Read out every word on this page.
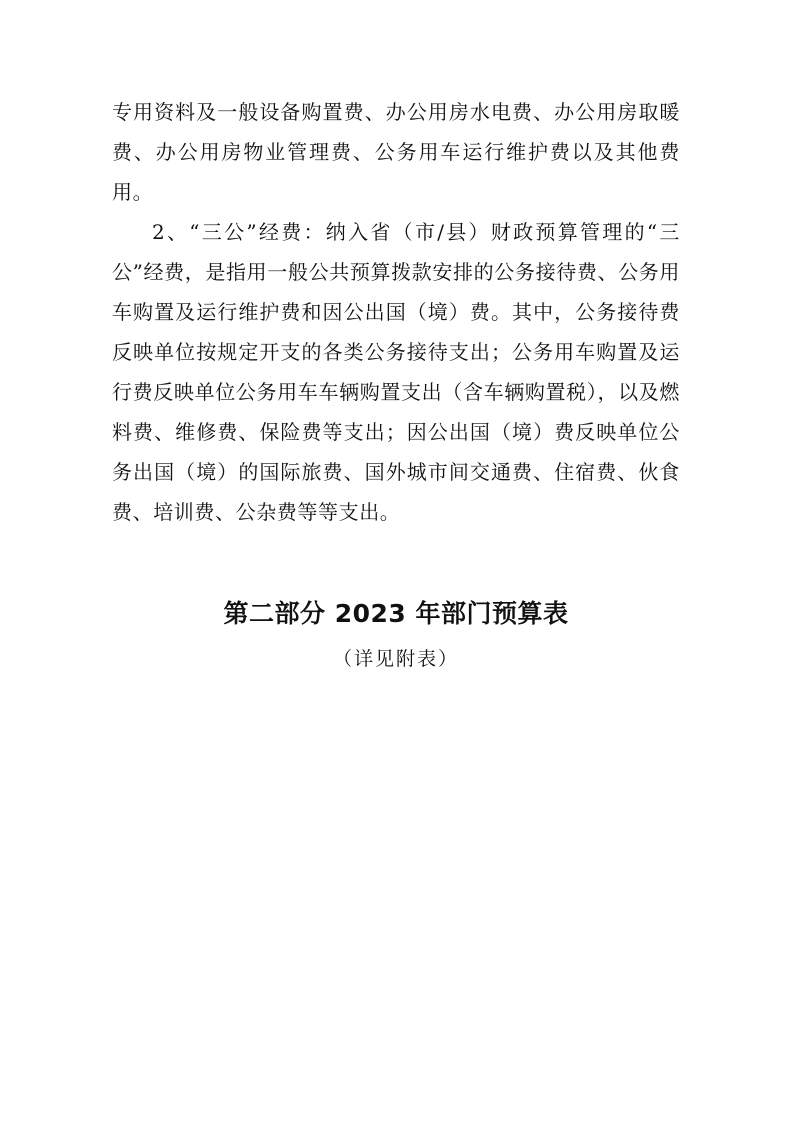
专用资料及一般设备购置费、办公用房水电费、办公用房取暖费、办公用房物业管理费、公务用车运行维护费以及其他费用。

2、“三公”经费：纳入省（市/县）财政预算管理的“三公”经费，是指用一般公共预算拨款安排的公务接待费、公务用车购置及运行维护费和因公出国（境）费。其中，公务接待费反映单位按规定开支的各类公务接待支出；公务用车购置及运行费反映单位公务用车车辆购置支出（含车辆购置税），以及燃料费、维修费、保险费等支出；因公出国（境）费反映单位公务出国（境）的国际旅费、国外城市间交通费、住宿费、伙食费、培训费、公杂费等等支出。

第二部分 2023 年部门预算表
（详见附表）
